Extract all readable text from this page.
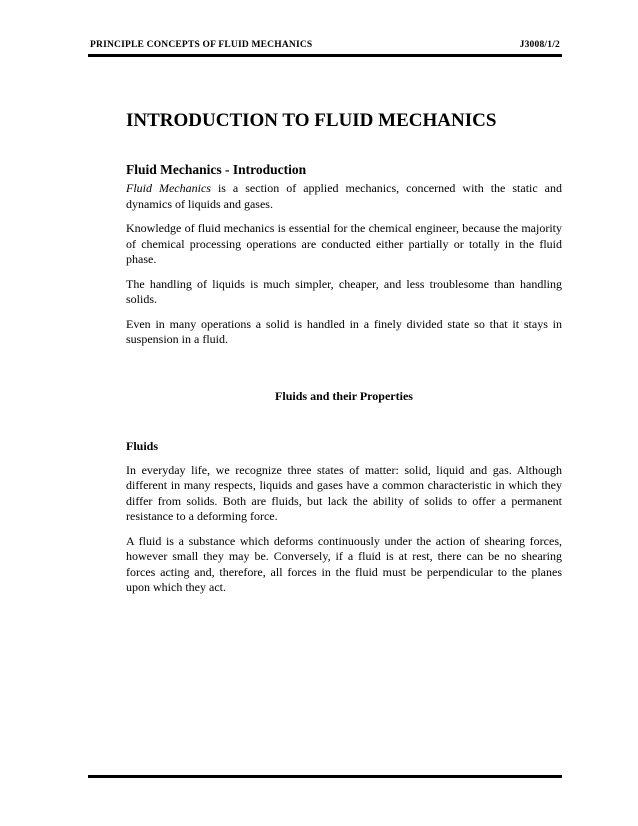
PRINCIPLE CONCEPTS OF FLUID MECHANICS	J3008/1/2
INTRODUCTION TO FLUID MECHANICS
Fluid Mechanics - Introduction

Fluid Mechanics is a section of applied mechanics, concerned with the static and dynamics of liquids and gases.

Knowledge of fluid mechanics is essential for the chemical engineer, because the majority of chemical processing operations are conducted either partially or totally in the fluid phase.

The handling of liquids is much simpler, cheaper, and less troublesome than handling solids.

Even in many operations a solid is handled in a finely divided state so that it stays in suspension in a fluid.

Fluids and their Properties
Fluids

In everyday life, we recognize three states of matter: solid, liquid and gas. Although different in many respects, liquids and gases have a common characteristic in which they differ from solids. Both are fluids, but lack the ability of solids to offer a permanent resistance to a deforming force.

A fluid is a substance which deforms continuously under the action of shearing forces, however small they may be. Conversely, if a fluid is at rest, there can be no shearing forces acting and, therefore, all forces in the fluid must be perpendicular to the planes upon which they act.
